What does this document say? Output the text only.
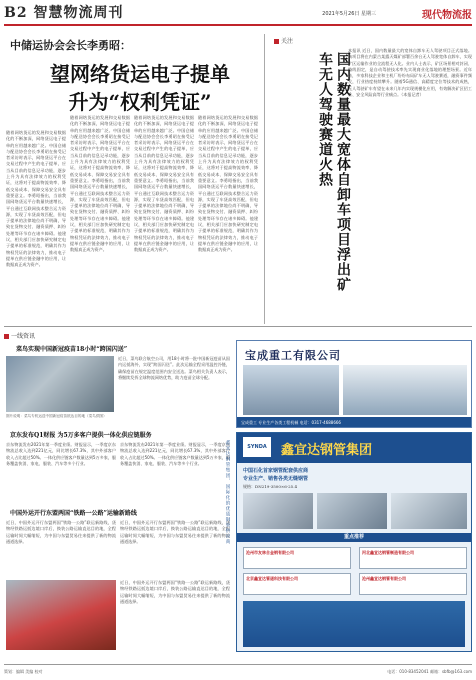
B2 智慧物流周刊	2021年5月26日 星期三	现代物流报
中储运协会会长李勇昭：
望网络货运电子提单
升为“权利凭证”
随着网络货运的发展和交易数据化的不断加深，网络货运电子提单的应用越来越广泛。中国仓储与配送协会会长李勇昭在接受记者采访时表示，网络货运平台在交易过程中产生的电子提单，应当从目前的信息记录功能，逐步上升为具有法律效力的权利凭证，这将对于提高物流效率、降低交易成本、保障交易安全具有重要意义。李勇昭指出，当前我国网络货运平台数量快速增长，平台通过互联网技术整合运力资源，实现了车货高效匹配，但电子提单的法律地位尚不明确，导致在货物交付、融资质押、纠纷处理等环节存在诸多障碍。他建议，相关部门应加快研究制定电子提单的标准规范，明确其作为物权凭证的法律效力，推动电子提单在供应链金融中的应用，让数据真正成为资产。
随着网络货运的发展和交易数据化的不断加深，网络货运电子提单的应用越来越广泛。中国仓储与配送协会会长李勇昭在接受记者采访时表示，网络货运平台在交易过程中产生的电子提单，应当从目前的信息记录功能，逐步上升为具有法律效力的权利凭证，这将对于提高物流效率、降低交易成本、保障交易安全具有重要意义。李勇昭指出，当前我国网络货运平台数量快速增长，平台通过互联网技术整合运力资源，实现了车货高效匹配，但电子提单的法律地位尚不明确，导致在货物交付、融资质押、纠纷处理等环节存在诸多障碍。他建议，相关部门应加快研究制定电子提单的标准规范，明确其作为物权凭证的法律效力，推动电子提单在供应链金融中的应用，让数据真正成为资产。
随着网络货运的发展和交易数据化的不断加深，网络货运电子提单的应用越来越广泛。中国仓储与配送协会会长李勇昭在接受记者采访时表示，网络货运平台在交易过程中产生的电子提单，应当从目前的信息记录功能，逐步上升为具有法律效力的权利凭证，这将对于提高物流效率、降低交易成本、保障交易安全具有重要意义。李勇昭指出，当前我国网络货运平台数量快速增长，平台通过互联网技术整合运力资源，实现了车货高效匹配，但电子提单的法律地位尚不明确，导致在货物交付、融资质押、纠纷处理等环节存在诸多障碍。他建议，相关部门应加快研究制定电子提单的标准规范，明确其作为物权凭证的法律效力，推动电子提单在供应链金融中的应用，让数据真正成为资产。
随着网络货运的发展和交易数据化的不断加深，网络货运电子提单的应用越来越广泛。中国仓储与配送协会会长李勇昭在接受记者采访时表示，网络货运平台在交易过程中产生的电子提单，应当从目前的信息记录功能，逐步上升为具有法律效力的权利凭证，这将对于提高物流效率、降低交易成本、保障交易安全具有重要意义。李勇昭指出，当前我国网络货运平台数量快速增长，平台通过互联网技术整合运力资源，实现了车货高效匹配，但电子提单的法律地位尚不明确，导致在货物交付、融资质押、纠纷处理等环节存在诸多障碍。他建议，相关部门应加快研究制定电子提单的标准规范，明确其作为物权凭证的法律效力，推动电子提单在供应链金融中的应用，让数据真正成为资产。
关注
国内数量最大宽体自卸车项目浮出矿车无人驾驶赛道火热
本报讯 近日，国内数量最大的宽体自卸车无人驾驶项目正式落地。该项目将在内蒙古某露天煤矿部署百余台无人驾驶宽体自卸车，实现矿区运输作业的全流程无人化。业内人士表示，矿区场景相对封闭、路线固定，是自动驾驶技术率先实现商业化落地的理想场景。近年来，多家科技企业和主机厂纷纷布局矿车无人驾驶赛道，融资事件频发，行业热度持续攀升。随着5G通信、高精度定位等技术的成熟，无人驾驶矿车有望在未来几年内实现规模化应用，有效解决矿区招工难、安全风险高等行业痛点。（本报记者）
一线资讯
菜鸟实现中国新冠疫苗18小时“跨国闪送”
图片说明：菜鸟专机运送中国新冠疫苗抵达目的地（菜鸟供图）
近日，菜鸟联合航空公司，用18小时将一批中国新冠疫苗从国内运抵海外，实现“跨国闪送”。此次运输全程采用温控冷链，确保疫苗在规定温度范围内安全送达。菜鸟相关负责人表示，将继续发挥全球物流网络优势，助力疫苗全球分配。
京东发布Q1财报 为5万多客户提供一体化供应链服务
京东物流发布2021年第一季度业绩。财报显示，一季度京东物流总收入达到221亿元，同比增长67.3%，其中外部客户收入占比超过50%。一体化供应链客户数量达到5万多家，服务覆盖快消、家电、服装、汽车等多个行业。
京东物流发布2021年第一季度业绩。财报显示，一季度京东物流总收入达到221亿元，同比增长67.3%，其中外部客户收入占比超过50%。一体化供应链客户数量达到5万多家，服务覆盖快消、家电、服装、汽车等多个行业。
中国外运开行东盟两国“铁路一公路”运输新路线
近日，中国外运开行东盟两国“铁路一公路”联运新路线，货物经铁路运抵边境口岸后，换装公路运输直达目的地，全程运输时间大幅缩短，为中国与东盟贸易往来提供了新的物流通道选择。
近日，中国外运开行东盟两国“铁路一公路”联运新路线，货物经铁路运抵边境口岸后，换装公路运输直达目的地，全程运输时间大幅缩短，为中国与东盟贸易往来提供了新的物流通道选择。
近日，中国外运开行东盟两国“铁路一公路”联运新路线，货物经铁路运抵边境口岸后，换装公路运输直达目的地，全程运输时间大幅缩短，为中国与东盟贸易往来提供了新的物流通道选择。
宝成重工有限公司
宝成重工 专业生产各类工程机械 电话：0317-4688666
SYNDA	鑫宜达钢管集团
中国石化首家钢管配套供应商
专业生产、销售各类无缝钢管
规格：DN219-3500×6-25.4
重点推荐
沧州市友林合金钢有限公司	河北鑫宜达钢管制造有限公司
北京鑫宜达管道科技有限公司	沧州鑫宜达钢管有限公司
鑫宜达钢管集团，国际化的优质钢管供应商
策划：编辑 美编 校对	电话：010-83452041 邮箱：sbfb@163.com
